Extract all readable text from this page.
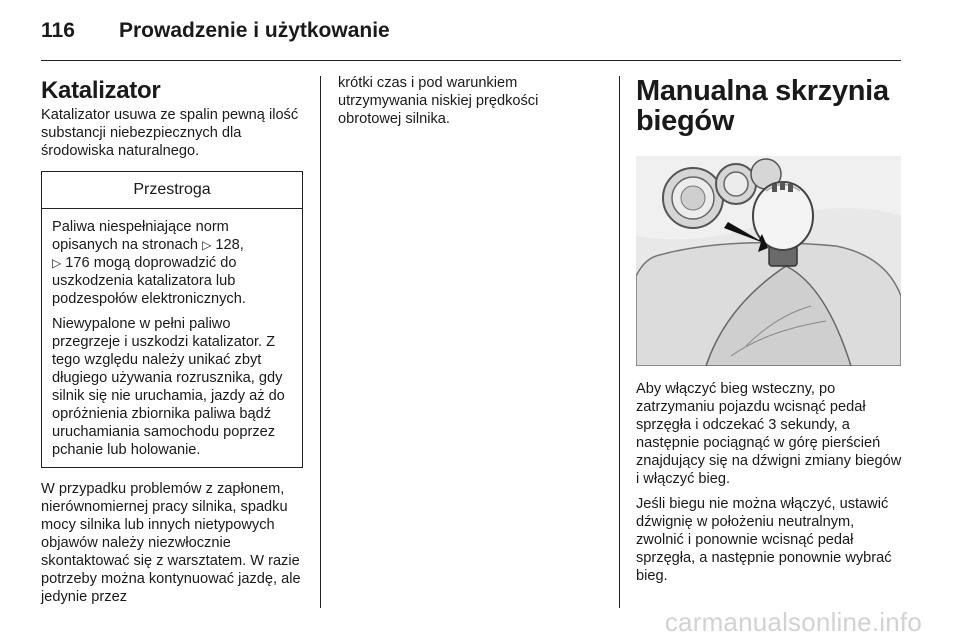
116	Prowadzenie i użytkowanie
Katalizator

Katalizator usuwa ze spalin pewną ilość substancji niebezpiecznych dla środowiska naturalnego.

Przestroga

Paliwa niespełniające norm opisanych na stronach ▷ 128,
▷ 176 mogą doprowadzić do uszkodzenia katalizatora lub podzespołów elektronicznych.

Niewypalone w pełni paliwo przegrzeje i uszkodzi katalizator. Z tego względu należy unikać zbyt długiego używania rozrusznika, gdy silnik się nie uruchamia, jazdy aż do opróżnienia zbiornika paliwa bądź uruchamiania samochodu poprzez pchanie lub holowanie.

W przypadku problemów z zapłonem, nierównomiernej pracy silnika, spadku mocy silnika lub innych nietypowych objawów należy niezwłocznie skontaktować się z warsztatem. W razie potrzeby można kontynuować jazdę, ale jedynie przez

krótki czas i pod warunkiem utrzymywania niskiej prędkości obrotowej silnika.

Manualna skrzynia biegów

Aby włączyć bieg wsteczny, po zatrzymaniu pojazdu wcisnąć pedał sprzęgła i odczekać 3 sekundy, a następnie pociągnąć w górę pierścień znajdujący się na dźwigni zmiany biegów i włączyć bieg.

Jeśli biegu nie można włączyć, ustawić dźwignię w położeniu neutralnym, zwolnić i ponownie wcisnąć pedał sprzęgła, a następnie ponownie wybrać bieg.

carmanualsonline.info
